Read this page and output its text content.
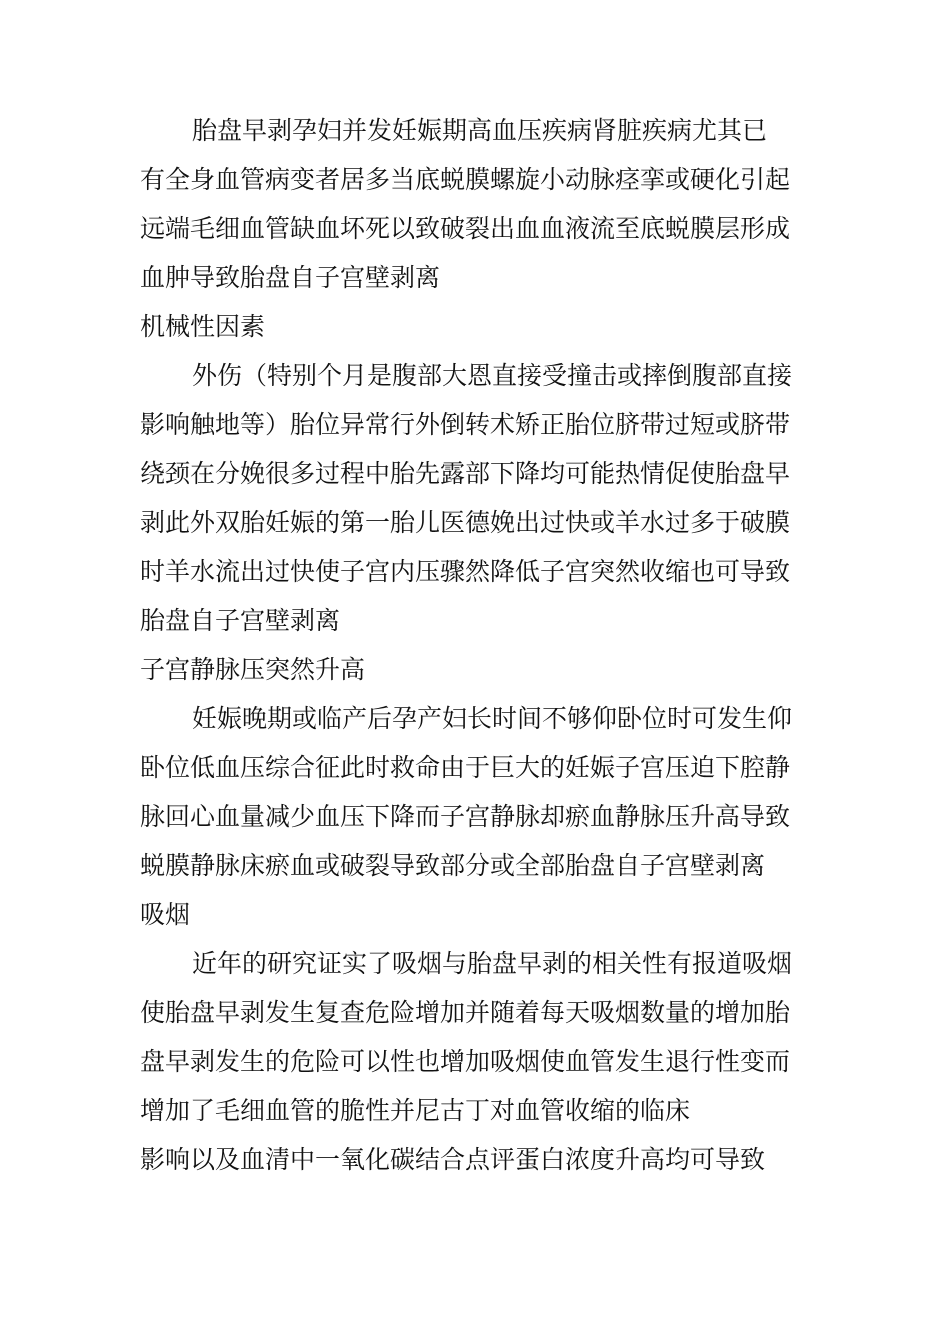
胎盘早剥孕妇并发妊娠期高血压疾病肾脏疾病尤其已
有全身血管病变者居多当底蜕膜螺旋小动脉痉挛或硬化引起
远端毛细血管缺血坏死以致破裂出血血液流至底蜕膜层形成
血肿导致胎盘自子宫壁剥离
机械性因素
外伤（特别个月是腹部大恩直接受撞击或摔倒腹部直接
影响触地等）胎位异常行外倒转术矫正胎位脐带过短或脐带
绕颈在分娩很多过程中胎先露部下降均可能热情促使胎盘早
剥此外双胎妊娠的第一胎儿医德娩出过快或羊水过多于破膜
时羊水流出过快使子宫内压骤然降低子宫突然收缩也可导致
胎盘自子宫壁剥离
子宫静脉压突然升高
妊娠晚期或临产后孕产妇长时间不够仰卧位时可发生仰
卧位低血压综合征此时救命由于巨大的妊娠子宫压迫下腔静
脉回心血量减少血压下降而子宫静脉却瘀血静脉压升高导致
蜕膜静脉床瘀血或破裂导致部分或全部胎盘自子宫壁剥离
吸烟
近年的研究证实了吸烟与胎盘早剥的相关性有报道吸烟
使胎盘早剥发生复查危险增加并随着每天吸烟数量的增加胎
盘早剥发生的危险可以性也增加吸烟使血管发生退行性变而
增加了毛细血管的脆性并尼古丁对血管收缩的临床
影响以及血清中一氧化碳结合点评蛋白浓度升高均可导致
